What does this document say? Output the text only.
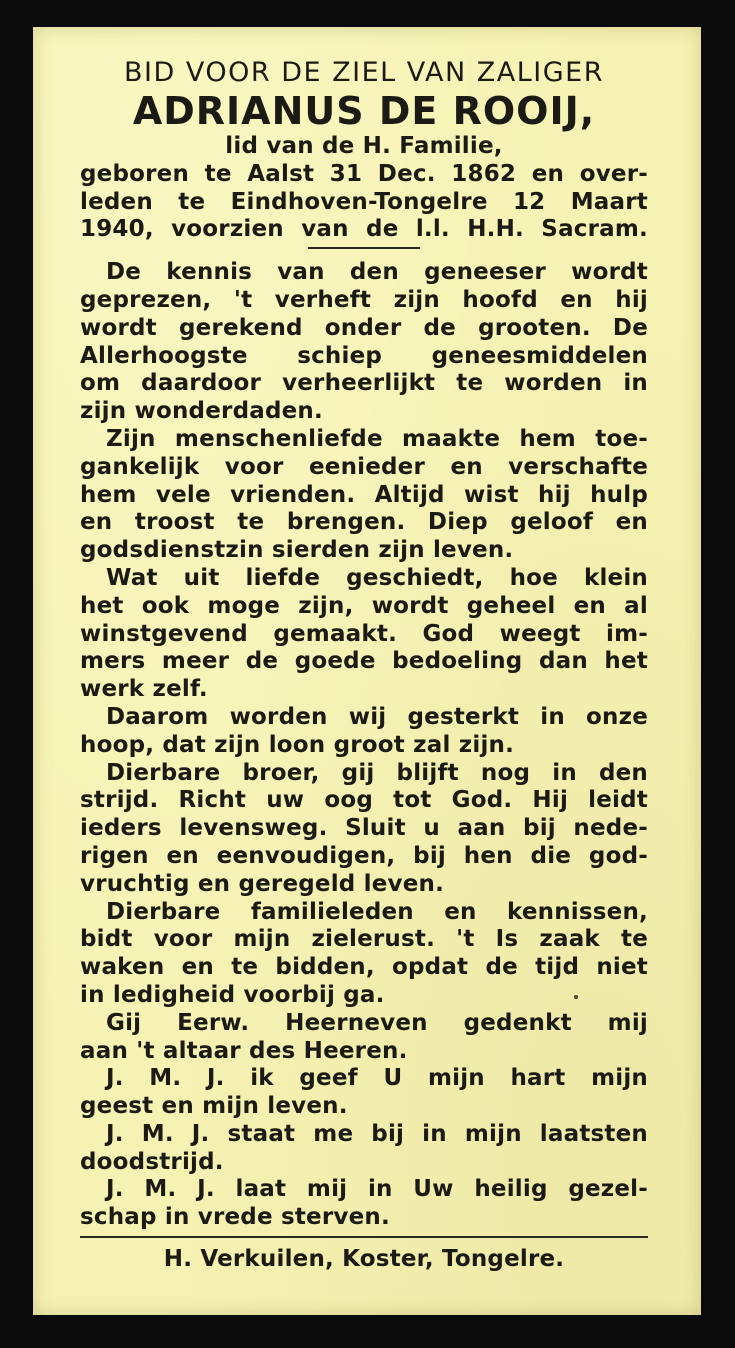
BID VOOR DE ZIEL VAN ZALIGER
ADRIANUS DE ROOIJ,
lid van de H. Familie,
geboren te Aalst 31 Dec. 1862 en over-
leden te Eindhoven-Tongelre 12 Maart
1940, voorzien van de l.l. H.H. Sacram.
De kennis van den geneeser wordt
geprezen, 't verheft zijn hoofd en hij
wordt gerekend onder de grooten. De
Allerhoogste schiep geneesmiddelen
om daardoor verheerlijkt te worden in
zijn wonderdaden.
Zijn menschenliefde maakte hem toe-
gankelijk voor eenieder en verschafte
hem vele vrienden. Altijd wist hij hulp
en troost te brengen. Diep geloof en
godsdienstzin sierden zijn leven.
Wat uit liefde geschiedt, hoe klein
het ook moge zijn, wordt geheel en al
winstgevend gemaakt. God weegt im-
mers meer de goede bedoeling dan het
werk zelf.
Daarom worden wij gesterkt in onze
hoop, dat zijn loon groot zal zijn.
Dierbare broer, gij blijft nog in den
strijd. Richt uw oog tot God. Hij leidt
ieders levensweg. Sluit u aan bij nede-
rigen en eenvoudigen, bij hen die god-
vruchtig en geregeld leven.
Dierbare familieleden en kennissen,
bidt voor mijn zielerust. 't Is zaak te
waken en te bidden, opdat de tijd niet
in ledigheid voorbij ga.
Gij Eerw. Heerneven gedenkt mij
aan 't altaar des Heeren.
J. M. J. ik geef U mijn hart mijn
geest en mijn leven.
J. M. J. staat me bij in mijn laatsten
doodstrijd.
J. M. J. laat mij in Uw heilig gezel-
schap in vrede sterven.
H. Verkuilen, Koster, Tongelre.
